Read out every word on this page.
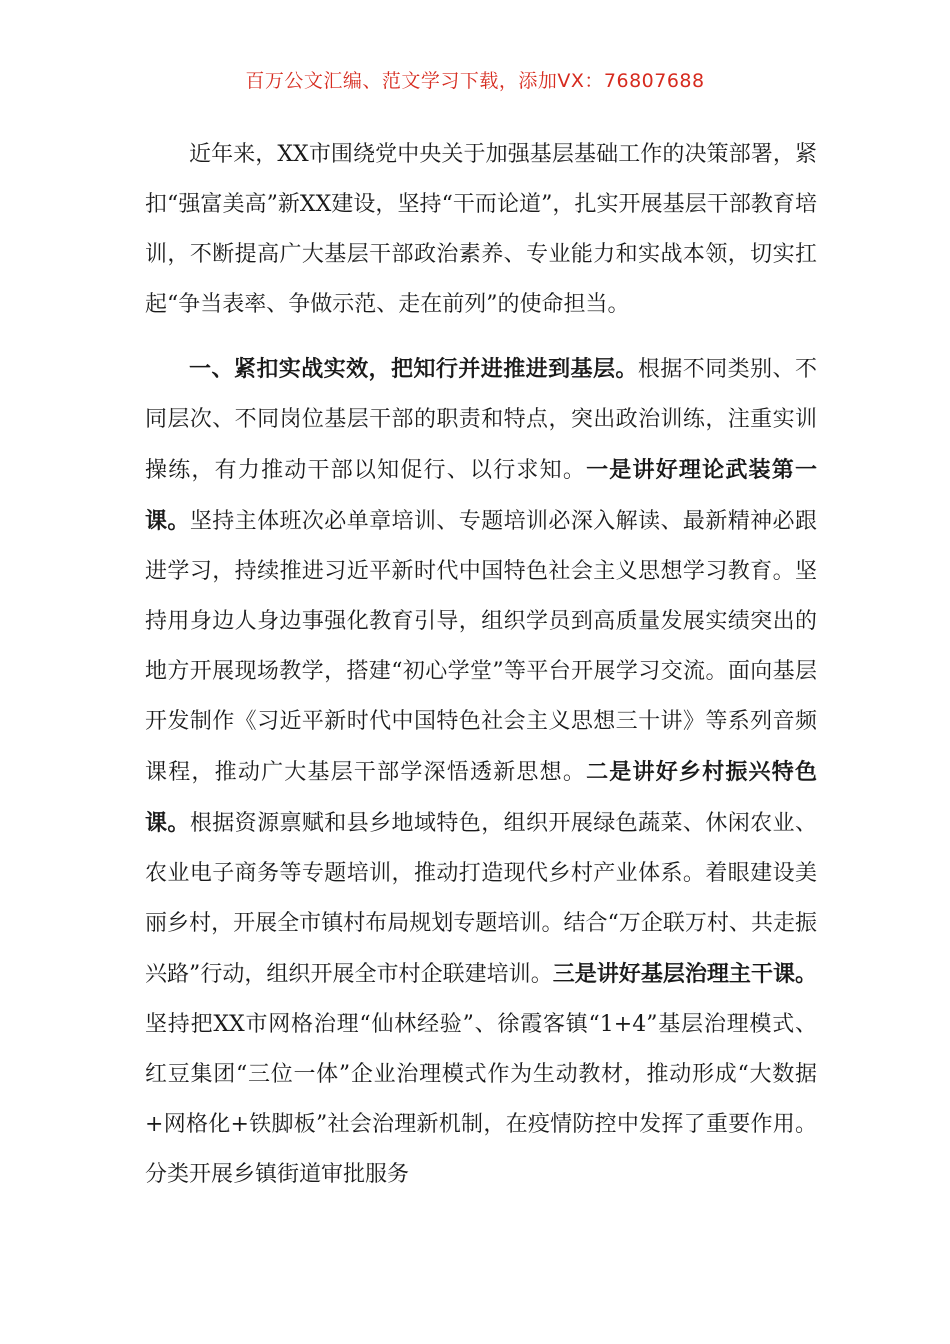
百万公文汇编、范文学习下载，添加VX：76807688

近年来，XX市围绕党中央关于加强基层基础工作的决策部署，紧扣“强富美高”新XX建设，坚持“干而论道”，扎实开展基层干部教育培训，不断提高广大基层干部政治素养、专业能力和实战本领，切实扛起“争当表率、争做示范、走在前列”的使命担当。

一、紧扣实战实效，把知行并进推进到基层。根据不同类别、不同层次、不同岗位基层干部的职责和特点，突出政治训练，注重实训操练，有力推动干部以知促行、以行求知。一是讲好理论武装第一课。坚持主体班次必单章培训、专题培训必深入解读、最新精神必跟进学习，持续推进习近平新时代中国特色社会主义思想学习教育。坚持用身边人身边事强化教育引导，组织学员到高质量发展实绩突出的地方开展现场教学，搭建“初心学堂”等平台开展学习交流。面向基层开发制作《习近平新时代中国特色社会主义思想三十讲》等系列音频课程，推动广大基层干部学深悟透新思想。二是讲好乡村振兴特色课。根据资源禀赋和县乡地域特色，组织开展绿色蔬菜、休闲农业、农业电子商务等专题培训，推动打造现代乡村产业体系。着眼建设美丽乡村，开展全市镇村布局规划专题培训。结合“万企联万村、共走振兴路”行动，组织开展全市村企联建培训。三是讲好基层治理主干课。坚持把XX市网格治理“仙林经验”、徐霞客镇“1+4”基层治理模式、红豆集团“三位一体”企业治理模式作为生动教材，推动形成“大数据+网格化+铁脚板”社会治理新机制，在疫情防控中发挥了重要作用。分类开展乡镇街道审批服务
